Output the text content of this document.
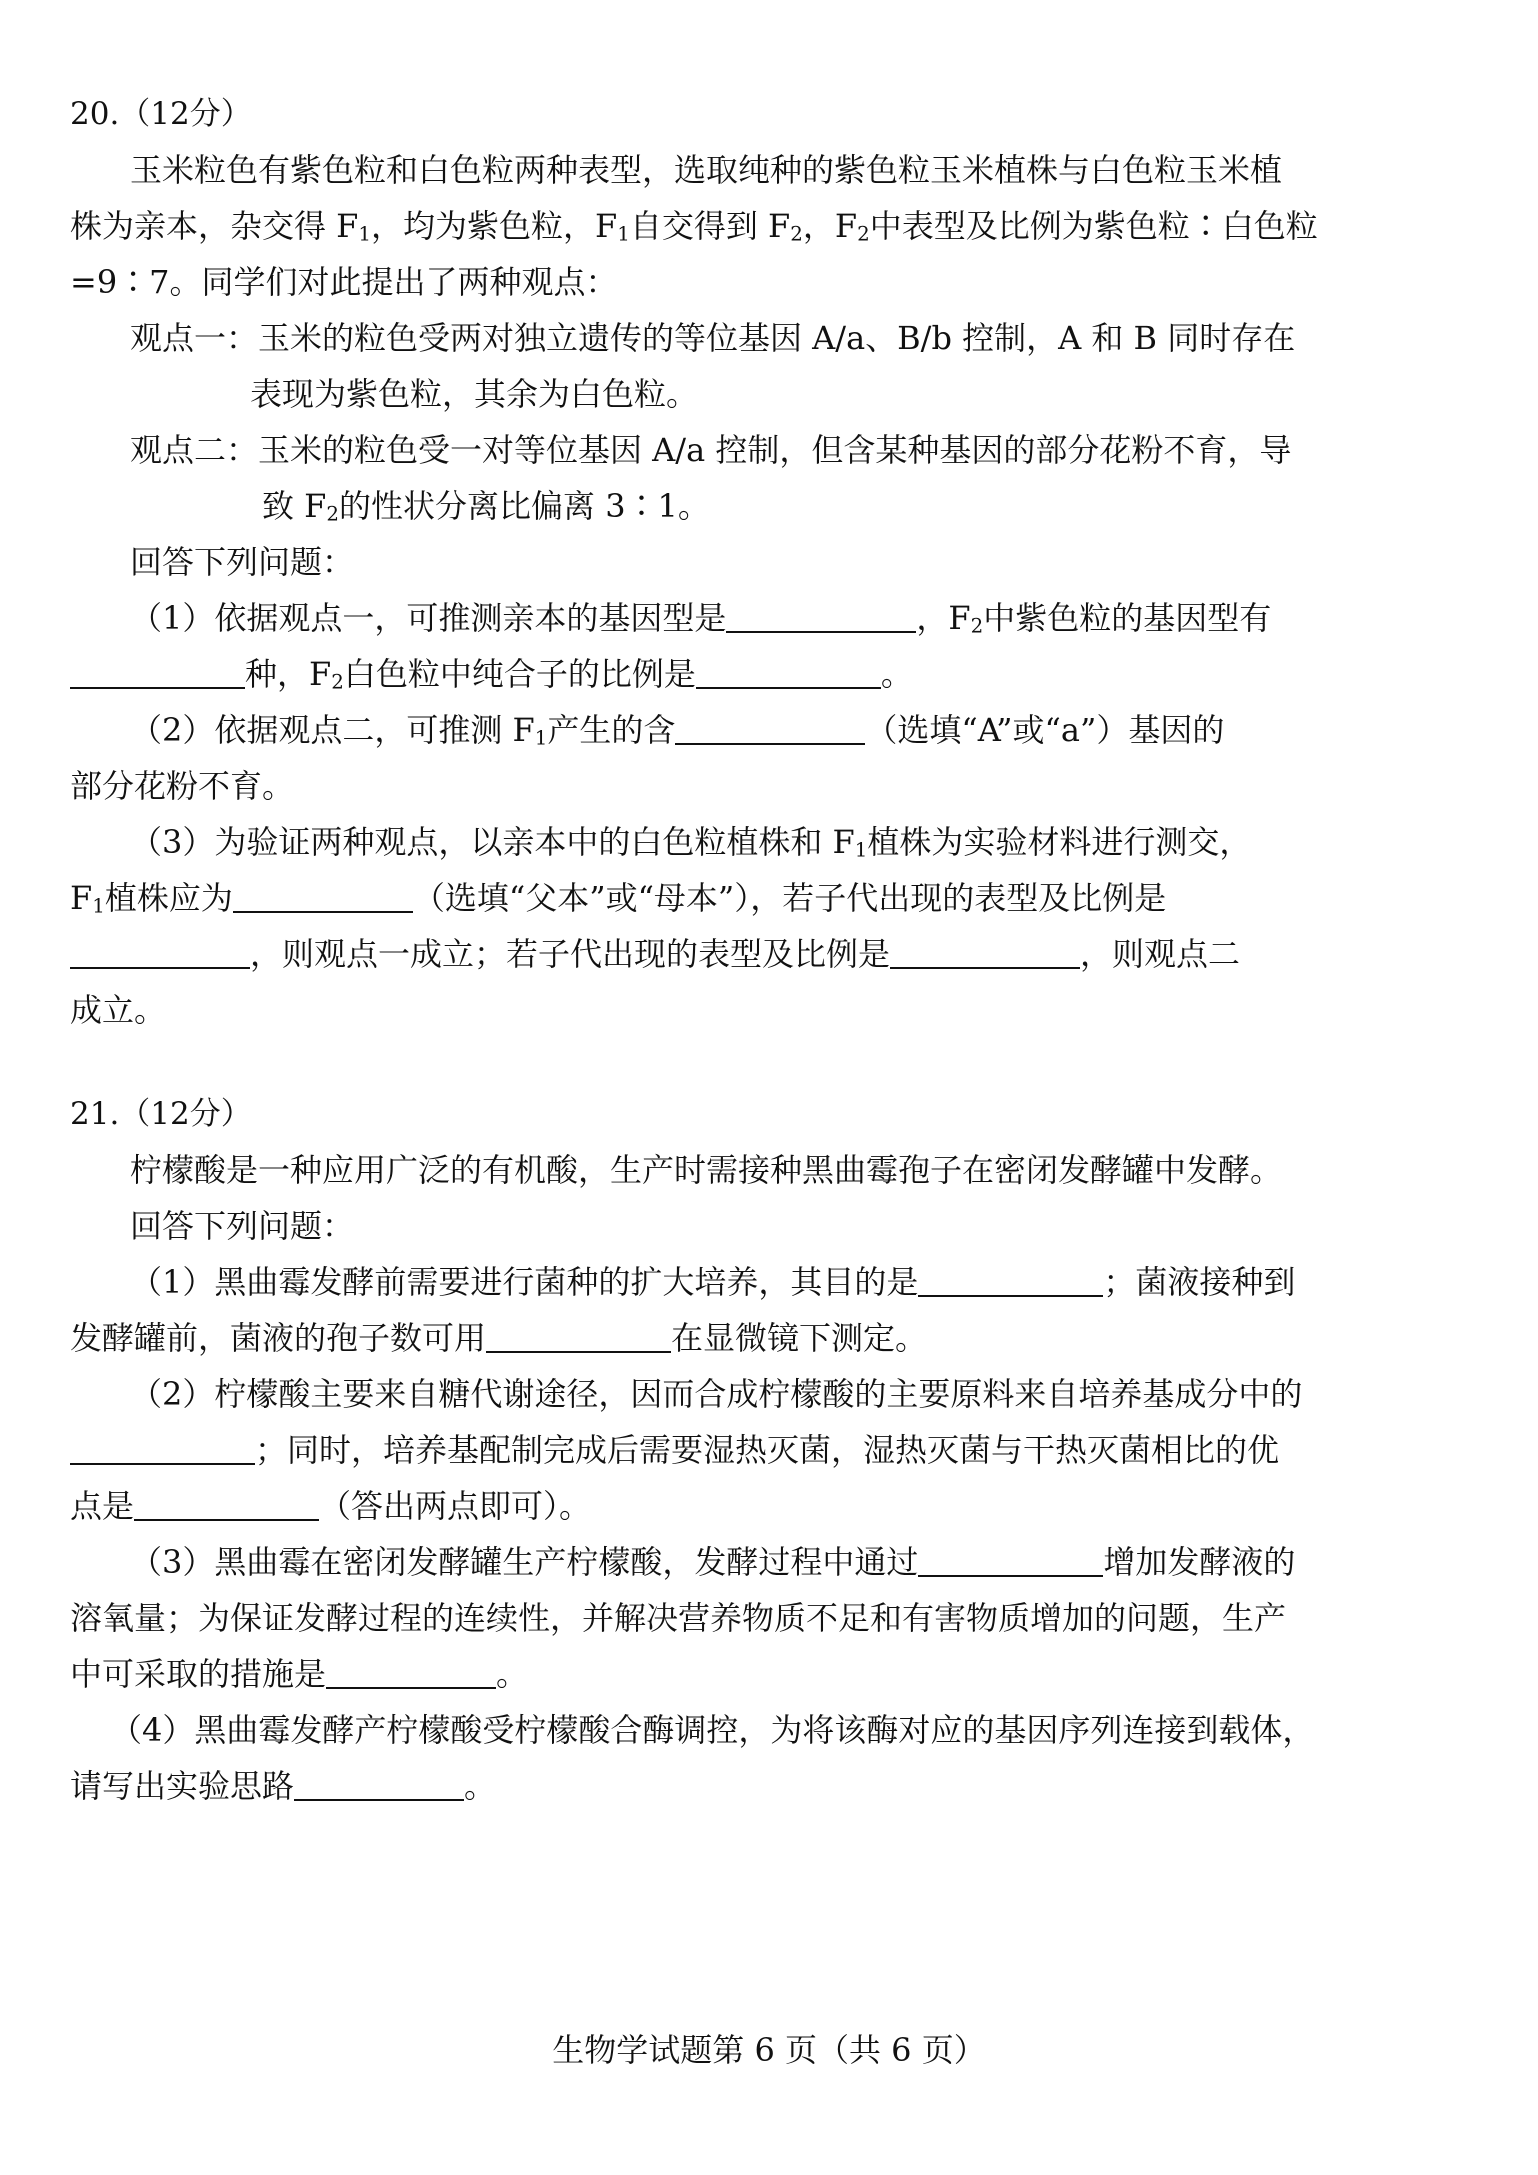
20.（12分）
玉米粒色有紫色粒和白色粒两种表型，选取纯种的紫色粒玉米植株与白色粒玉米植
株为亲本，杂交得 F1，均为紫色粒，F1自交得到 F2，F2中表型及比例为紫色粒∶白色粒
=9∶7。同学们对此提出了两种观点：
观点一：玉米的粒色受两对独立遗传的等位基因 A/a、B/b 控制，A 和 B 同时存在
表现为紫色粒，其余为白色粒。
观点二：玉米的粒色受一对等位基因 A/a 控制，但含某种基因的部分花粉不育，导
致 F2的性状分离比偏离 3∶1。
回答下列问题：
（1）依据观点一，可推测亲本的基因型是	，F2中紫色粒的基因型有
种，F2白色粒中纯合子的比例是	。
（2）依据观点二，可推测 F1产生的含	（选填“A”或“a”）基因的
部分花粉不育。
（3）为验证两种观点，以亲本中的白色粒植株和 F1植株为实验材料进行测交，
F1植株应为	（选填“父本”或“母本”），若子代出现的表型及比例是
，则观点一成立；若子代出现的表型及比例是	，则观点二
成立。
21.（12分）
柠檬酸是一种应用广泛的有机酸，生产时需接种黑曲霉孢子在密闭发酵罐中发酵。
回答下列问题：
（1）黑曲霉发酵前需要进行菌种的扩大培养，其目的是	；菌液接种到
发酵罐前，菌液的孢子数可用	在显微镜下测定。
（2）柠檬酸主要来自糖代谢途径，因而合成柠檬酸的主要原料来自培养基成分中的
；同时，培养基配制完成后需要湿热灭菌，湿热灭菌与干热灭菌相比的优
点是	（答出两点即可）。
（3）黑曲霉在密闭发酵罐生产柠檬酸，发酵过程中通过	增加发酵液的
溶氧量；为保证发酵过程的连续性，并解决营养物质不足和有害物质增加的问题，生产
中可采取的措施是	。
（4）黑曲霉发酵产柠檬酸受柠檬酸合酶调控，为将该酶对应的基因序列连接到载体，
请写出实验思路	。
生物学试题第 6 页（共 6 页）
